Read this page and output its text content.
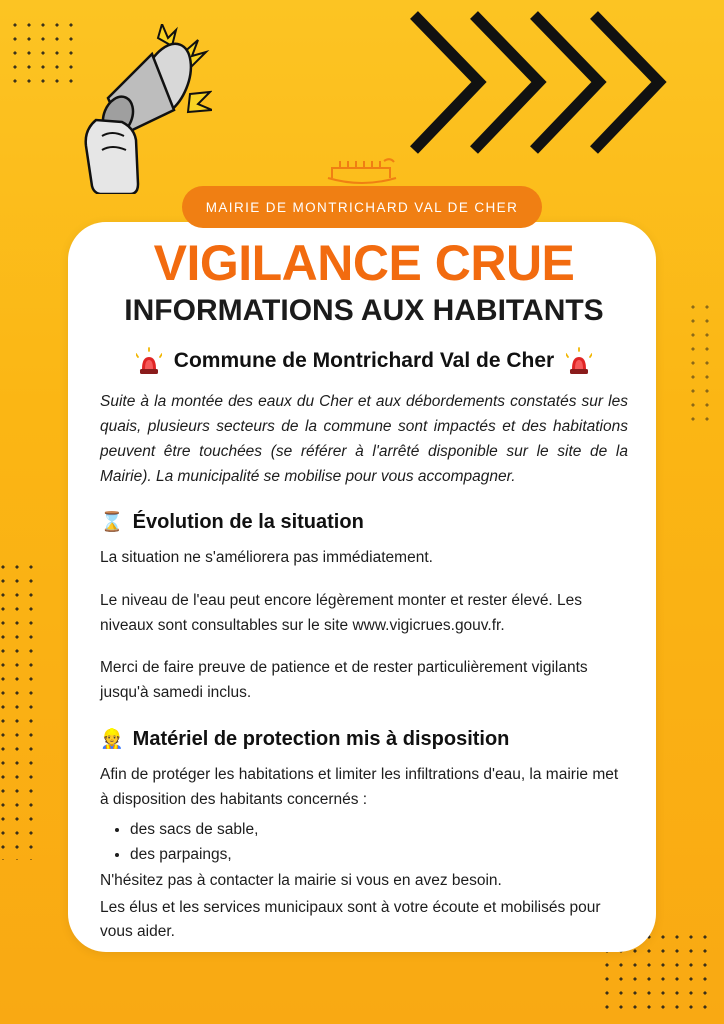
MAIRIE DE MONTRICHARD VAL DE CHER
VIGILANCE CRUE
INFORMATIONS AUX HABITANTS
Commune de Montrichard Val de Cher

Suite à la montée des eaux du Cher et aux débordements constatés sur les quais, plusieurs secteurs de la commune sont impactés et des habitations peuvent être touchées (se référer à l'arrêté disponible sur le site de la Mairie). La municipalité se mobilise pour vous accompagner.

⌛ Évolution de la situation

La situation ne s'améliorera pas immédiatement.

Le niveau de l'eau peut encore légèrement monter et rester élevé. Les niveaux sont consultables sur le site www.vigicrues.gouv.fr.

Merci de faire preuve de patience et de rester particulièrement vigilants jusqu'à samedi inclus.

👷 Matériel de protection mis à disposition

Afin de protéger les habitations et limiter les infiltrations d'eau, la mairie met à disposition des habitants concernés :

• des sacs de sable,
• des parpaings,

N'hésitez pas à contacter la mairie si vous en avez besoin.

Les élus et les services municipaux sont à votre écoute et mobilisés pour vous aider.
